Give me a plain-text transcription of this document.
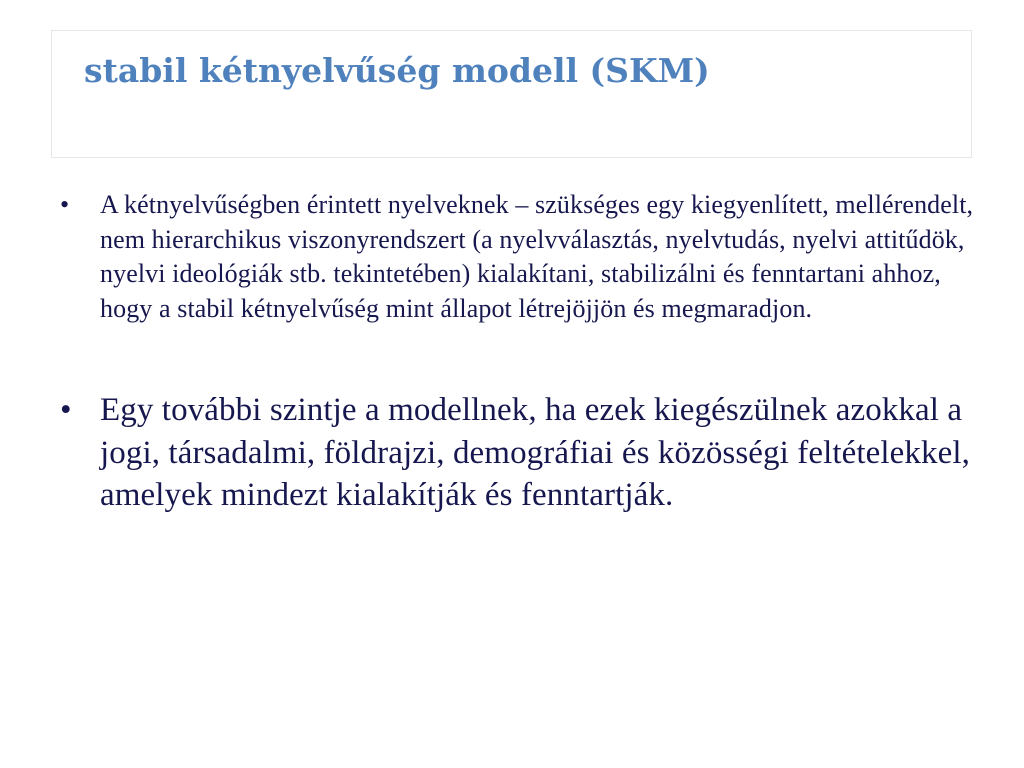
stabil kétnyelvűség modell (SKM)
• A kétnyelvűségben érintett nyelveknek – szükséges egy kiegyenlített, mellérendelt, nem hierarchikus viszonyrendszert (a nyelvválasztás, nyelvtudás, nyelvi attitűdök, nyelvi ideológiák stb. tekintetében) kialakítani, stabilizálni és fenntartani ahhoz, hogy a stabil kétnyelvűség mint állapot létrejöjjön és megmaradjon.
• Egy további szintje a modellnek, ha ezek kiegészülnek azokkal a jogi, társadalmi, földrajzi, demográfiai és közösségi feltételekkel, amelyek mindezt kialakítják és fenntartják.
